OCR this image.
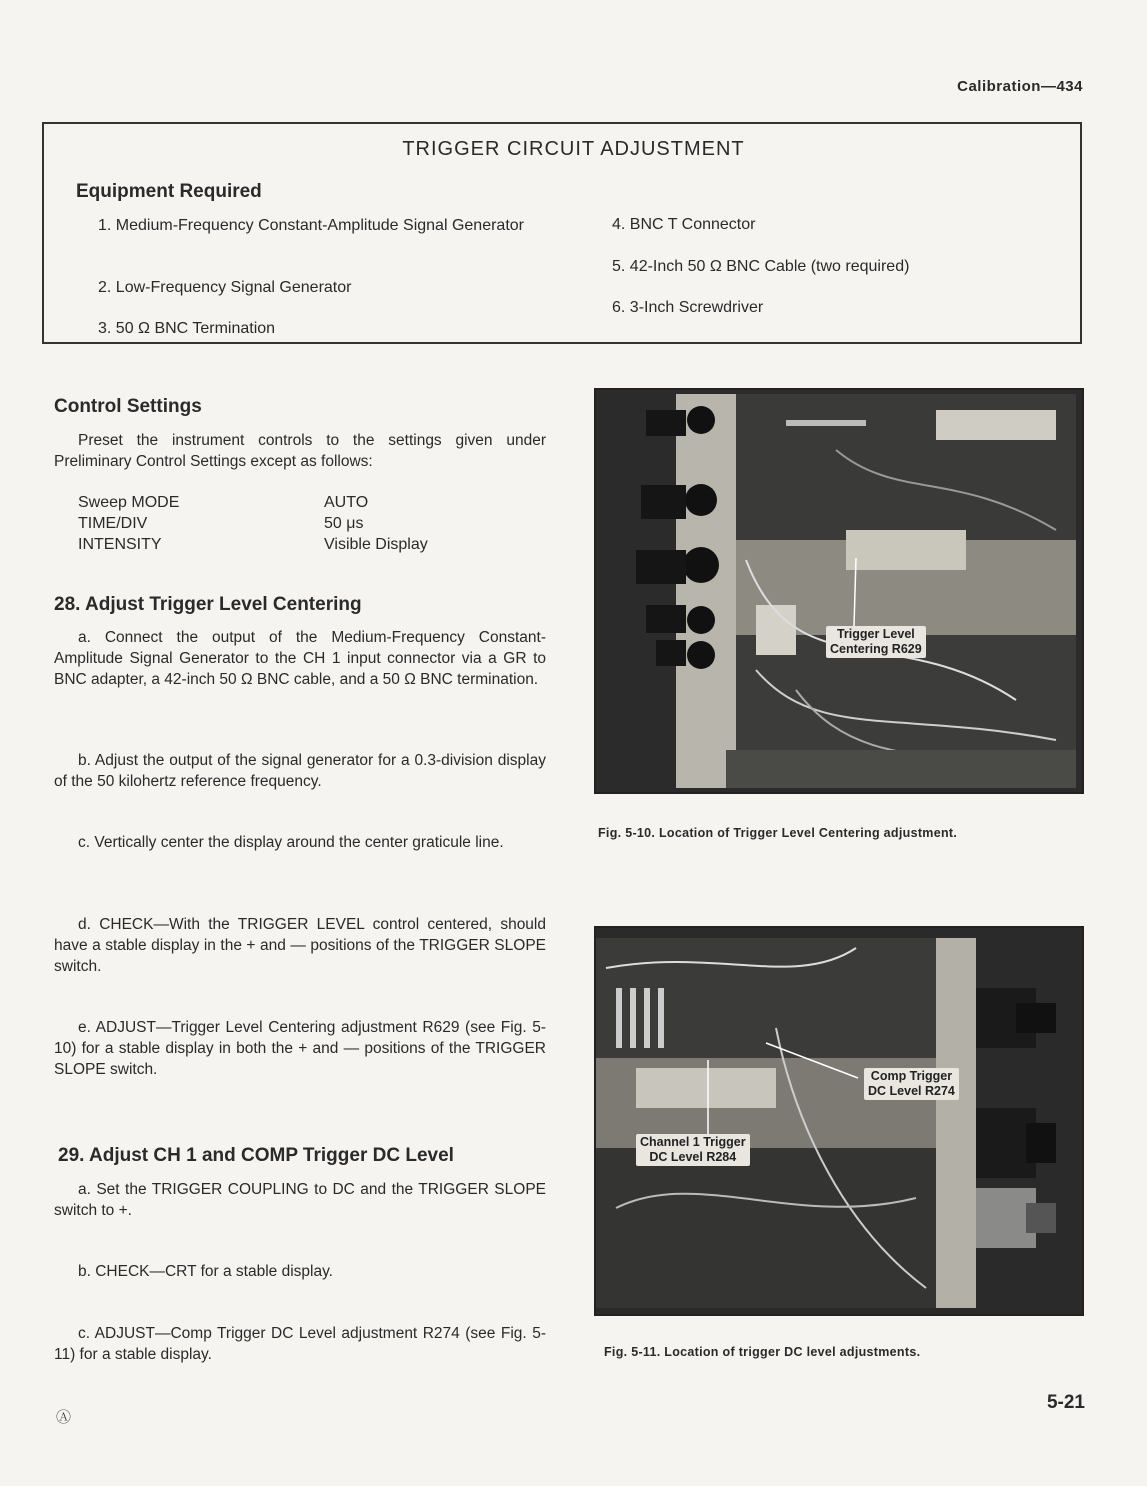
Calibration—434
TRIGGER CIRCUIT ADJUSTMENT
Equipment Required
1. Medium-Frequency Constant-Amplitude Signal Generator
2. Low-Frequency Signal Generator
3. 50 Ω BNC Termination
4. BNC T Connector
5. 42-Inch 50 Ω BNC Cable (two required)
6. 3-Inch Screwdriver
Control Settings
Preset the instrument controls to the settings given under Preliminary Control Settings except as follows:
Sweep MODE	AUTO
TIME/DIV	50 μs
INTENSITY	Visible Display
28. Adjust Trigger Level Centering
a. Connect the output of the Medium-Frequency Constant-Amplitude Signal Generator to the CH 1 input connector via a GR to BNC adapter, a 42-inch 50 Ω BNC cable, and a 50 Ω BNC termination.
b. Adjust the output of the signal generator for a 0.3-division display of the 50 kilohertz reference frequency.
c. Vertically center the display around the center graticule line.
d. CHECK—With the TRIGGER LEVEL control centered, should have a stable display in the + and — positions of the TRIGGER SLOPE switch.
e. ADJUST—Trigger Level Centering adjustment R629 (see Fig. 5-10) for a stable display in both the + and — positions of the TRIGGER SLOPE switch.
29. Adjust CH 1 and COMP Trigger DC Level
a. Set the TRIGGER COUPLING to DC and the TRIGGER SLOPE switch to +.
b. CHECK—CRT for a stable display.
c. ADJUST—Comp Trigger DC Level adjustment R274 (see Fig. 5-11) for a stable display.
Trigger Level
Centering R629
Fig. 5-10. Location of Trigger Level Centering adjustment.
Comp Trigger
DC Level R274
Channel 1 Trigger
DC Level R284
Fig. 5-11. Location of trigger DC level adjustments.
Ⓐ
5-21
